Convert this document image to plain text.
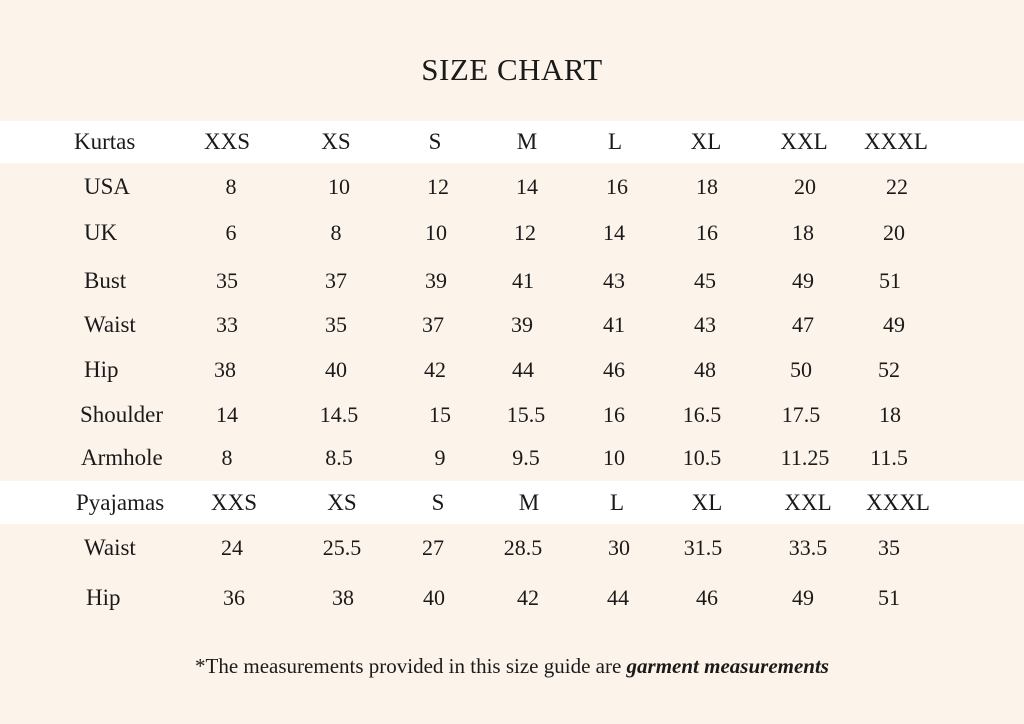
SIZE CHART
Kurtas	XXS	XS	S	M	L	XL	XXL XXXL
USA	8	10	12	14	16	18	20	22
UK	6	8	10	12	14	16	18	20
Bust	35	37	39	41	43	45	49	51
Waist	33	35	37	39	41	43	47	49
Hip	38	40	42	44	46	48	50	52
Shoulder 14	14.5	15	15.5	16	16.5	17.5	18
Armhole	8	8.5	9	9.5	10	10.5	11.25 11.5
Pyajamas XXS	XS	S	M	L	XL	XXL XXXL
Waist	24	25.5	27	28.5	30 31.5	33.5 35
Hip	36	38	40	42	44	46	49	51
*The measurements provided in this size guide are garment measurements
